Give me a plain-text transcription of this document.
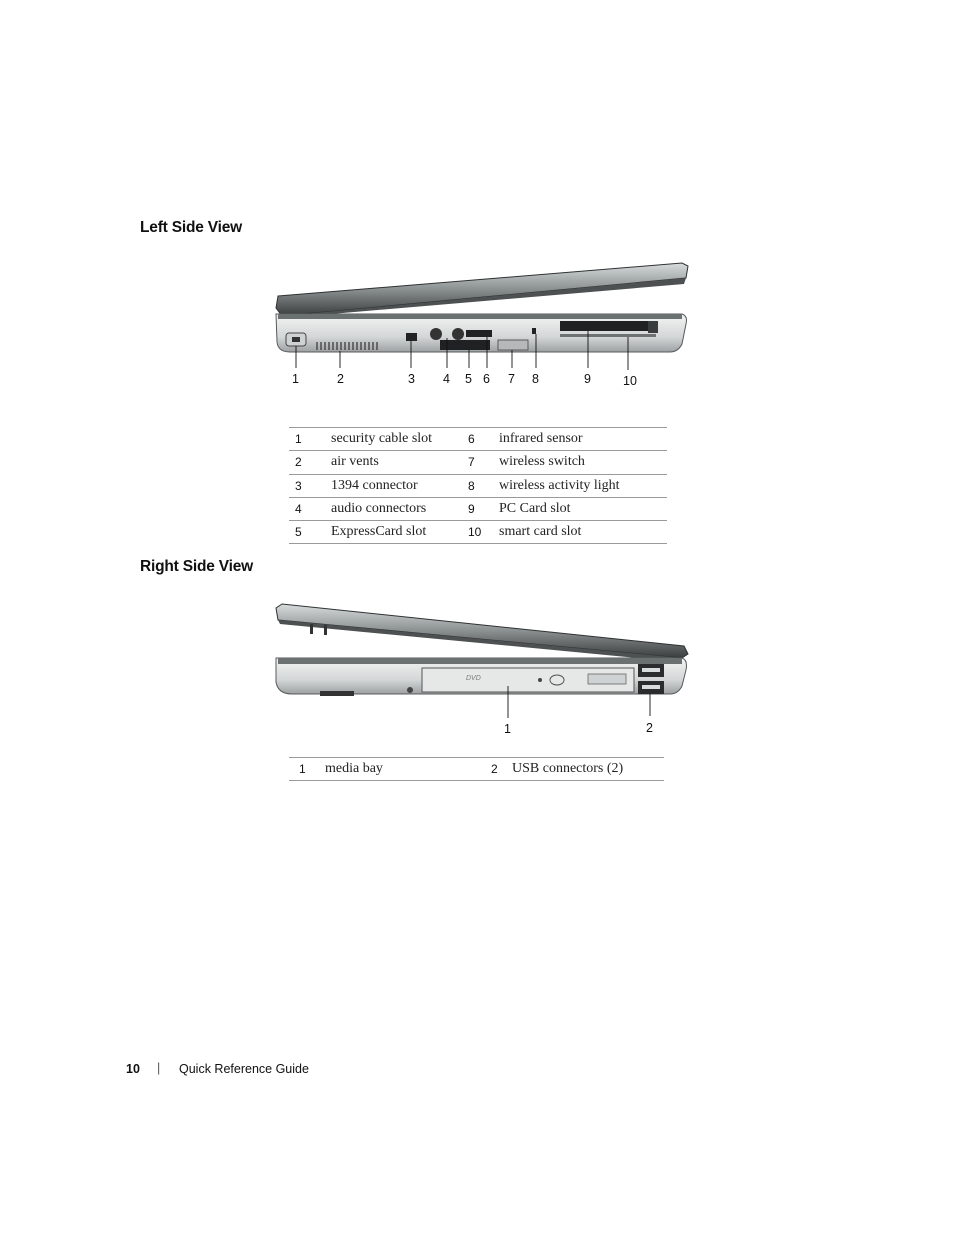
Left Side View
1	2	3 4 5 6 7 8	9	10
1	security cable slot	6	infrared sensor
2	air vents	7	wireless switch
3	1394 connector	8	wireless activity light
4	audio connectors	9	PC Card slot
5	ExpressCard slot	10	smart card slot
Right Side View
DVD
1	2
1	media bay	2	USB connectors (2)
10 | Quick Reference Guide
